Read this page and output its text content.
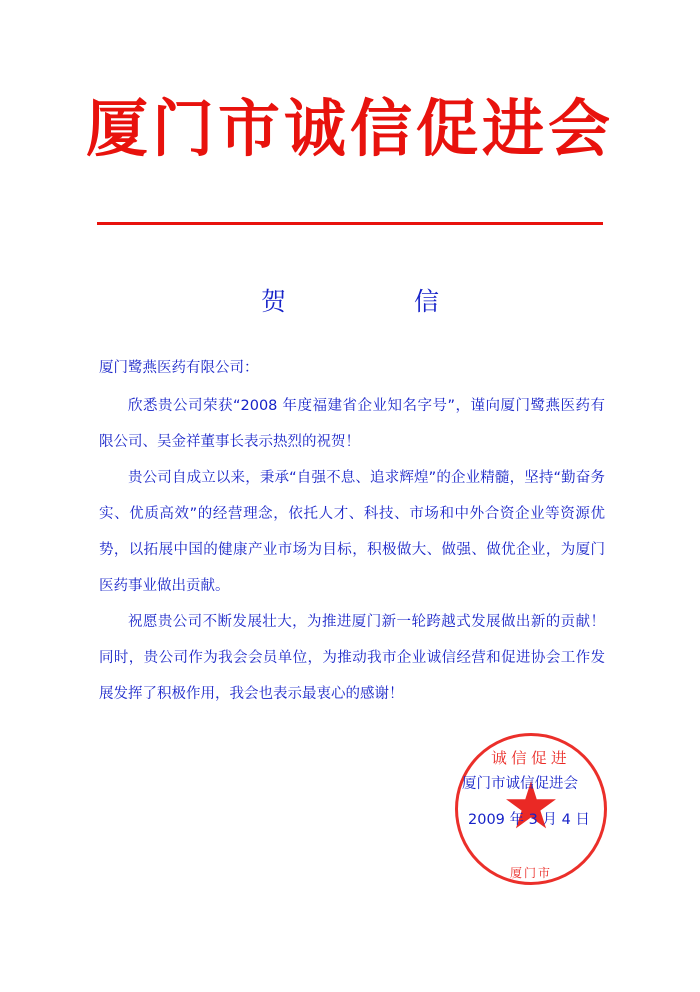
厦门市诚信促进会
贺　　信

厦门鹭燕医药有限公司：

欣悉贵公司荣获“2008 年度福建省企业知名字号”，谨向厦门鹭燕医药有限公司、吴金祥董事长表示热烈的祝贺！

贵公司自成立以来，秉承“自强不息、追求辉煌”的企业精髓，坚持“勤奋务实、优质高效”的经营理念，依托人才、科技、市场和中外合资企业等资源优势，以拓展中国的健康产业市场为目标，积极做大、做强、做优企业，为厦门医药事业做出贡献。

祝愿贵公司不断发展壮大，为推进厦门新一轮跨越式发展做出新的贡献！同时，贵公司作为我会会员单位，为推动我市企业诚信经营和促进协会工作发展发挥了积极作用，我会也表示最衷心的感谢！

诚信促进
厦门市
厦门市诚信促进会
2009 年 3 月 4 日
